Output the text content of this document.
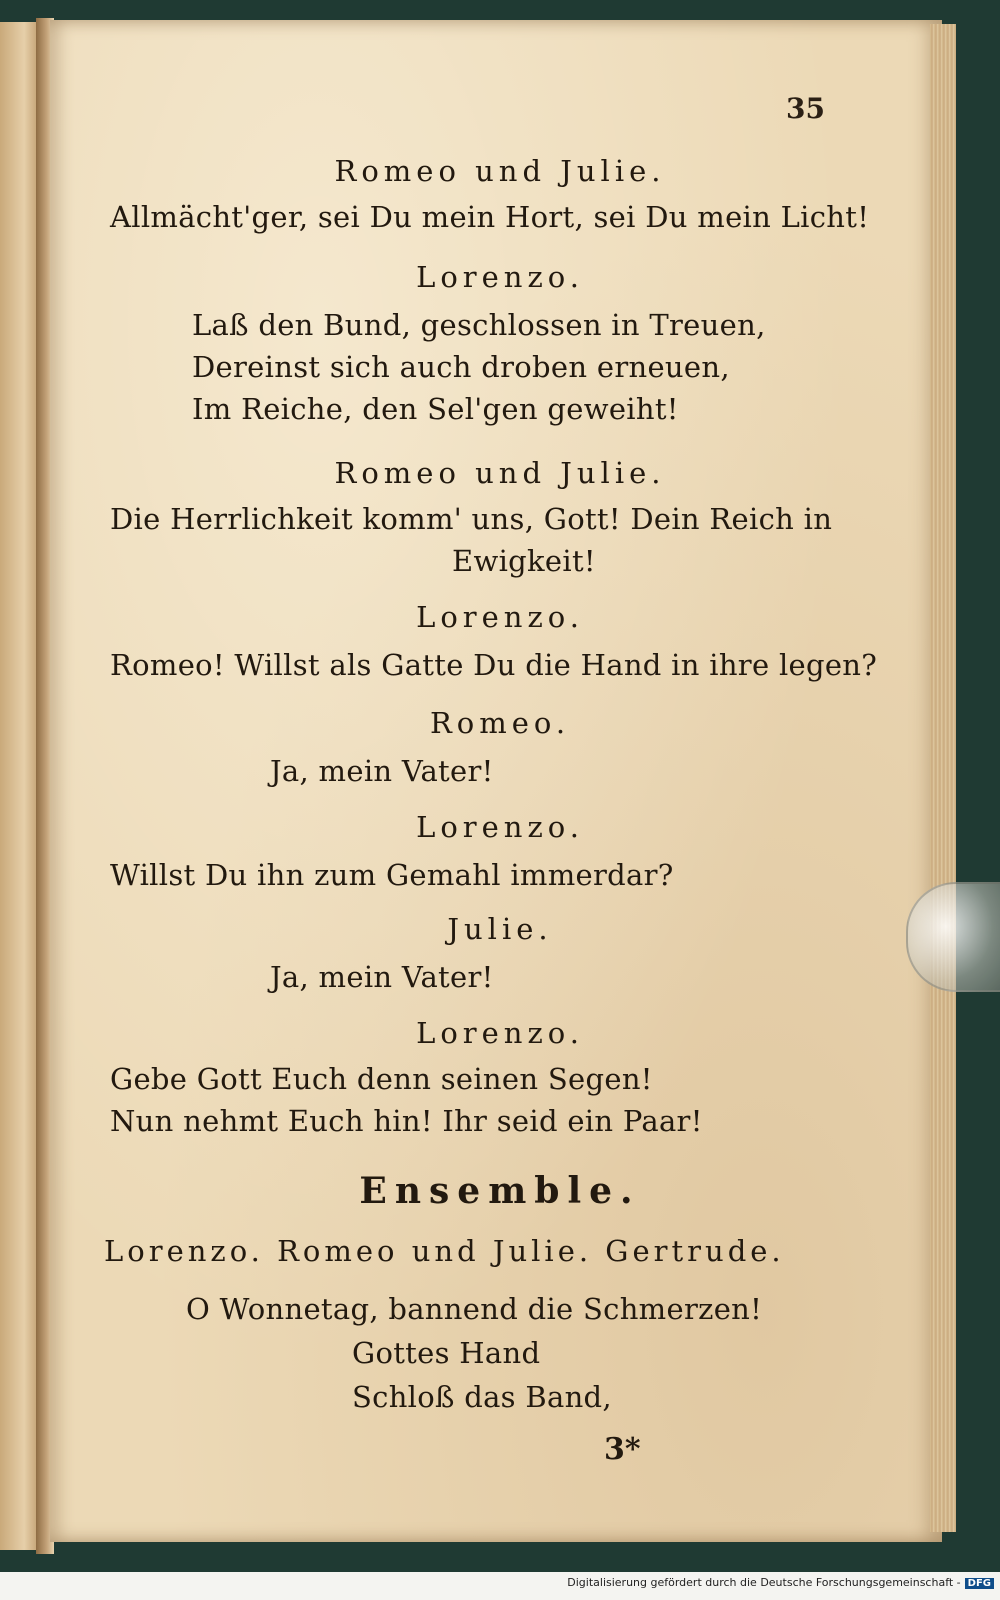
35
Romeo und Julie.
Allmächt'ger, sei Du mein Hort, sei Du mein Licht!
Lorenzo.
Laß den Bund, geschlossen in Treuen,
Dereinst sich auch droben erneuen,
Im Reiche, den Sel'gen geweiht!
Romeo und Julie.
Die Herrlichkeit komm' uns, Gott! Dein Reich in
Ewigkeit!
Lorenzo.
Romeo! Willst als Gatte Du die Hand in ihre legen?
Romeo.
Ja, mein Vater!
Lorenzo.
Willst Du ihn zum Gemahl immerdar?
Julie.
Ja, mein Vater!
Lorenzo.
Gebe Gott Euch denn seinen Segen!
Nun nehmt Euch hin! Ihr seid ein Paar!
Ensemble.
Lorenzo. Romeo und Julie. Gertrude.
O Wonnetag, bannend die Schmerzen!
Gottes Hand
Schloß das Band,
3*
Digitalisierung gefördert durch die Deutsche Forschungsgemeinschaft - DFG
